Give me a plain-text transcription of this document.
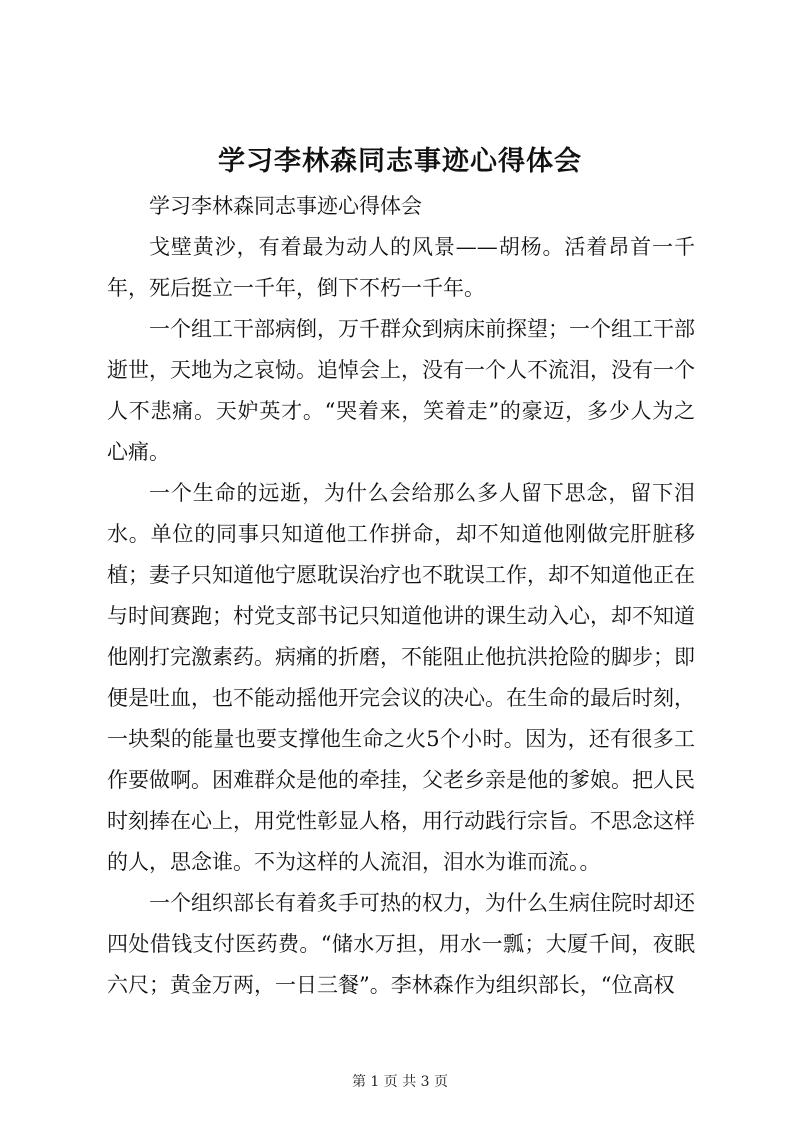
学习李林森同志事迹心得体会

学习李林森同志事迹心得体会

戈壁黄沙，有着最为动人的风景——胡杨。活着昂首一千年，死后挺立一千年，倒下不朽一千年。

一个组工干部病倒，万千群众到病床前探望；一个组工干部逝世，天地为之哀恸。追悼会上，没有一个人不流泪，没有一个人不悲痛。天妒英才。“哭着来，笑着走”的豪迈，多少人为之心痛。

一个生命的远逝，为什么会给那么多人留下思念，留下泪水。单位的同事只知道他工作拼命，却不知道他刚做完肝脏移植；妻子只知道他宁愿耽误治疗也不耽误工作，却不知道他正在与时间赛跑；村党支部书记只知道他讲的课生动入心，却不知道他刚打完激素药。病痛的折磨，不能阻止他抗洪抢险的脚步；即便是吐血，也不能动摇他开完会议的决心。在生命的最后时刻，一块梨的能量也要支撑他生命之火5个小时。因为，还有很多工作要做啊。困难群众是他的牵挂，父老乡亲是他的爹娘。把人民时刻捧在心上，用党性彰显人格，用行动践行宗旨。不思念这样的人，思念谁。不为这样的人流泪，泪水为谁而流。。

一个组织部长有着炙手可热的权力，为什么生病住院时却还四处借钱支付医药费。“储水万担，用水一瓢；大厦千间，夜眠六尺；黄金万两，一日三餐”。李林森作为组织部长，“位高权

第 1 页 共 3 页
